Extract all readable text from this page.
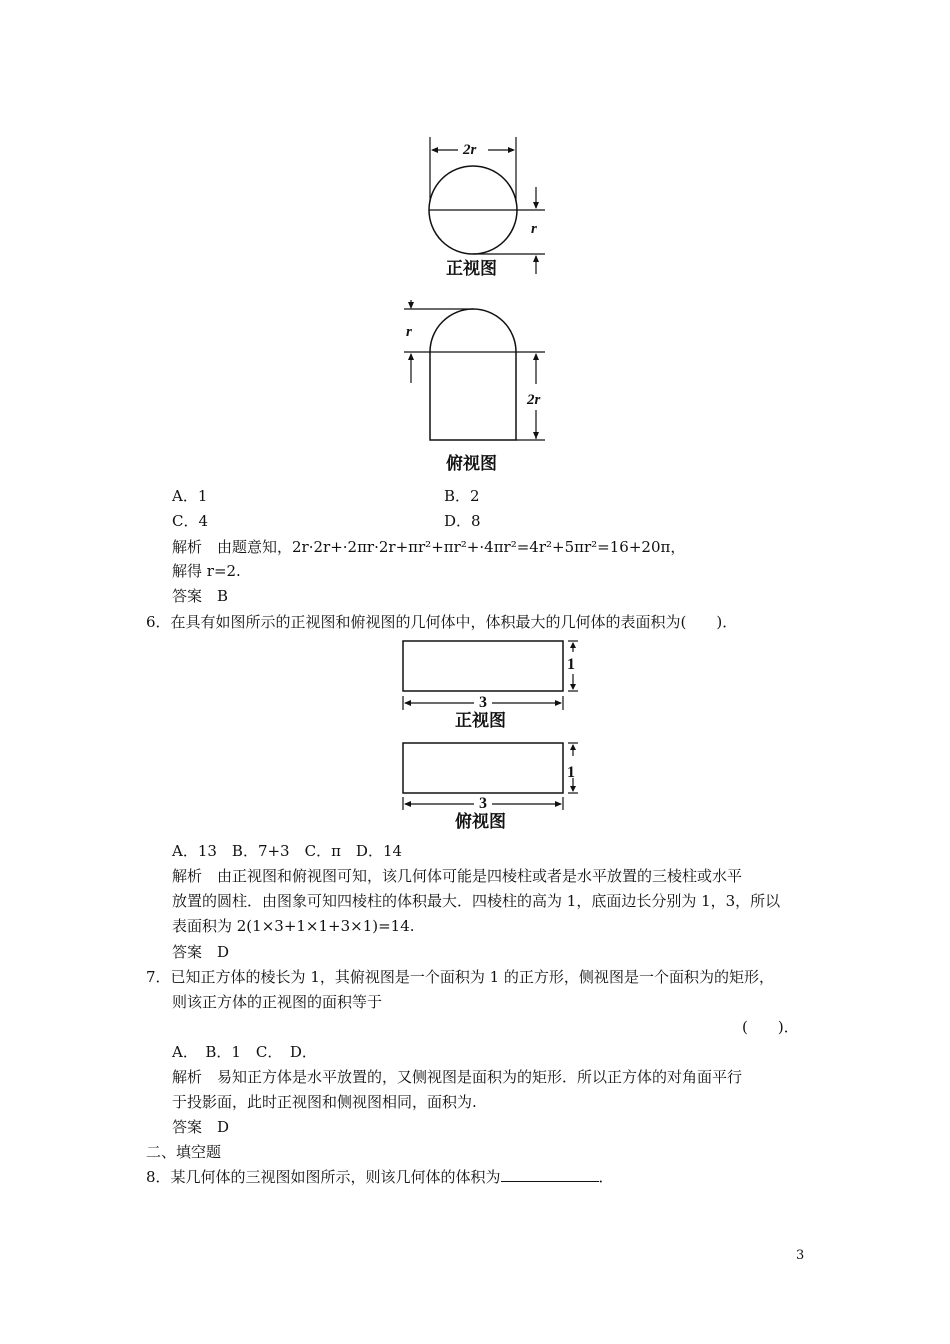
2r
r
正视图
r
2r
俯视图
A．1	B．2
C．4	D．8
解析　由题意知，2r·2r+·2πr·2r+πr²+πr²+·4πr²=4r²+5πr²=16+20π，
解得 r=2.
答案　B
6．在具有如图所示的正视图和俯视图的几何体中，体积最大的几何体的表面积为(　　)．
1
3
正视图
1
3
俯视图
A．13　B．7+3　C．π　D．14
解析　由正视图和俯视图可知，该几何体可能是四棱柱或者是水平放置的三棱柱或水平
放置的圆柱．由图象可知四棱柱的体积最大．四棱柱的高为 1，底面边长分别为 1，3，所以
表面积为 2(1×3+1×1+3×1)=14.
答案　D
7．已知正方体的棱长为 1，其俯视图是一个面积为 1 的正方形，侧视图是一个面积为的矩形，
则该正方体的正视图的面积等于
(　　)．
A．　B．1　C．　D．
解析　易知正方体是水平放置的，又侧视图是面积为的矩形．所以正方体的对角面平行
于投影面，此时正视图和侧视图相同，面积为.
答案　D
二、填空题
8．某几何体的三视图如图所示，则该几何体的体积为	．
3
